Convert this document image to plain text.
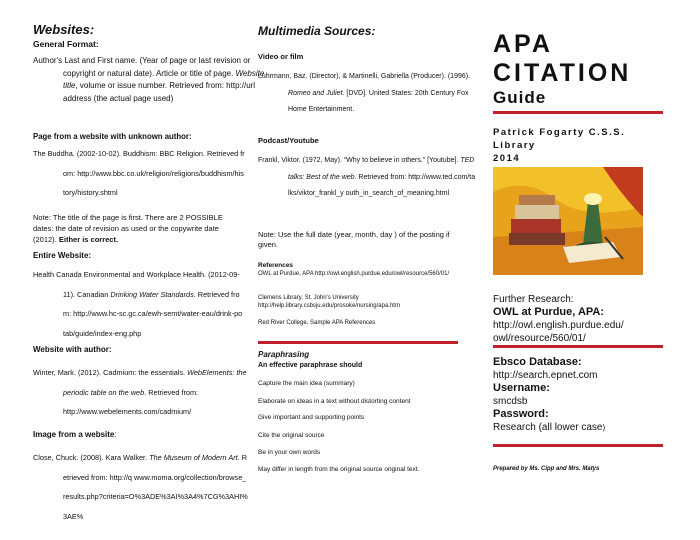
Websites:
General Format:

Author's Last and First name. (Year of page or last revision or copyright or natural date). Article or title of page. Website title, volume or issue number. Retrieved from: http://url address (the actual page used)

Page from a website with unknown author:

The Buddha. (2002-10-02). Buddhism: BBC Religion. Retrieved from: http://www.bbc.co.uk/religion/religions/buddhism/history/history.shtml

Note: The title of the page is first. There are 2 POSSIBLE dates: the date of revision as used or the copywrite date (2012). Either is correct.

Entire Website:

Health Canada Environmental and Workplace Health. (2012-09-11). Canadian Drinking Water Standards. Retrieved from: http://www.hc-sc.gc.ca/ewh-semt/water-eau/drink-potab/guide/index-eng.php

Website with author:

Winter, Mark. (2012). Cadmium: the essentials. WebElements: the periodic table on the web. Retrieved from: http://www.webelements.com/cadmium/

Image from a website:

Close, Chuck. (2008). Kara Walker. The Museum of Modern Art. Retrieved from: http://q www.moma.org/collection/browse_results.php?criteria=O%3ADE%3AI%3A4%7CG%3AHI%3AE%

Multimedia Sources:
Video or film

Luhrmann, Baz. (Director), & Martinelli, Gabriella (Producer). (1996). Romeo and Juliet. [DVD]. United States: 20th Century Fox Home Entertainment.

Podcast/Youtube

Frankl, Viktor. (1972, May). “Why to believe in others.” [Youtube]. TED talks: Best of the web. Retrieved from: http://www.ted.com/talks/viktor_frankl_y outh_in_search_of_meaning.html

Note: Use the full date (year, month, day ) of the posting if given.

References

OWL at Purdue, APA http://owl.english.purdue.edu/owl/resource/560/01/

Clemens Library, St. John's University http://help.library.csbsju.edu/prosoke/nursing/apa.htm

Red River College, Sample APA References

Paraphrasing
An effective paraphrase should

Capture the main idea (summary)

Elaborate on ideas in a text without distorting content

Give important and supporting points

Cite the original source

Be in your own words

May differ in length from the original source original text.

APA
CITATION
Guide
Patrick Fogarty C.S.S.
Library
2014
Further Research:
OWL at Purdue, APA:
http://owl.english.purdue.edu/
owl/resource/560/01/
Ebsco Database:
http://search.epnet.com
Username:
smcdsb
Password:
Research (all lower case)
Prepared by Ms. Cipp and Mrs. Matys
